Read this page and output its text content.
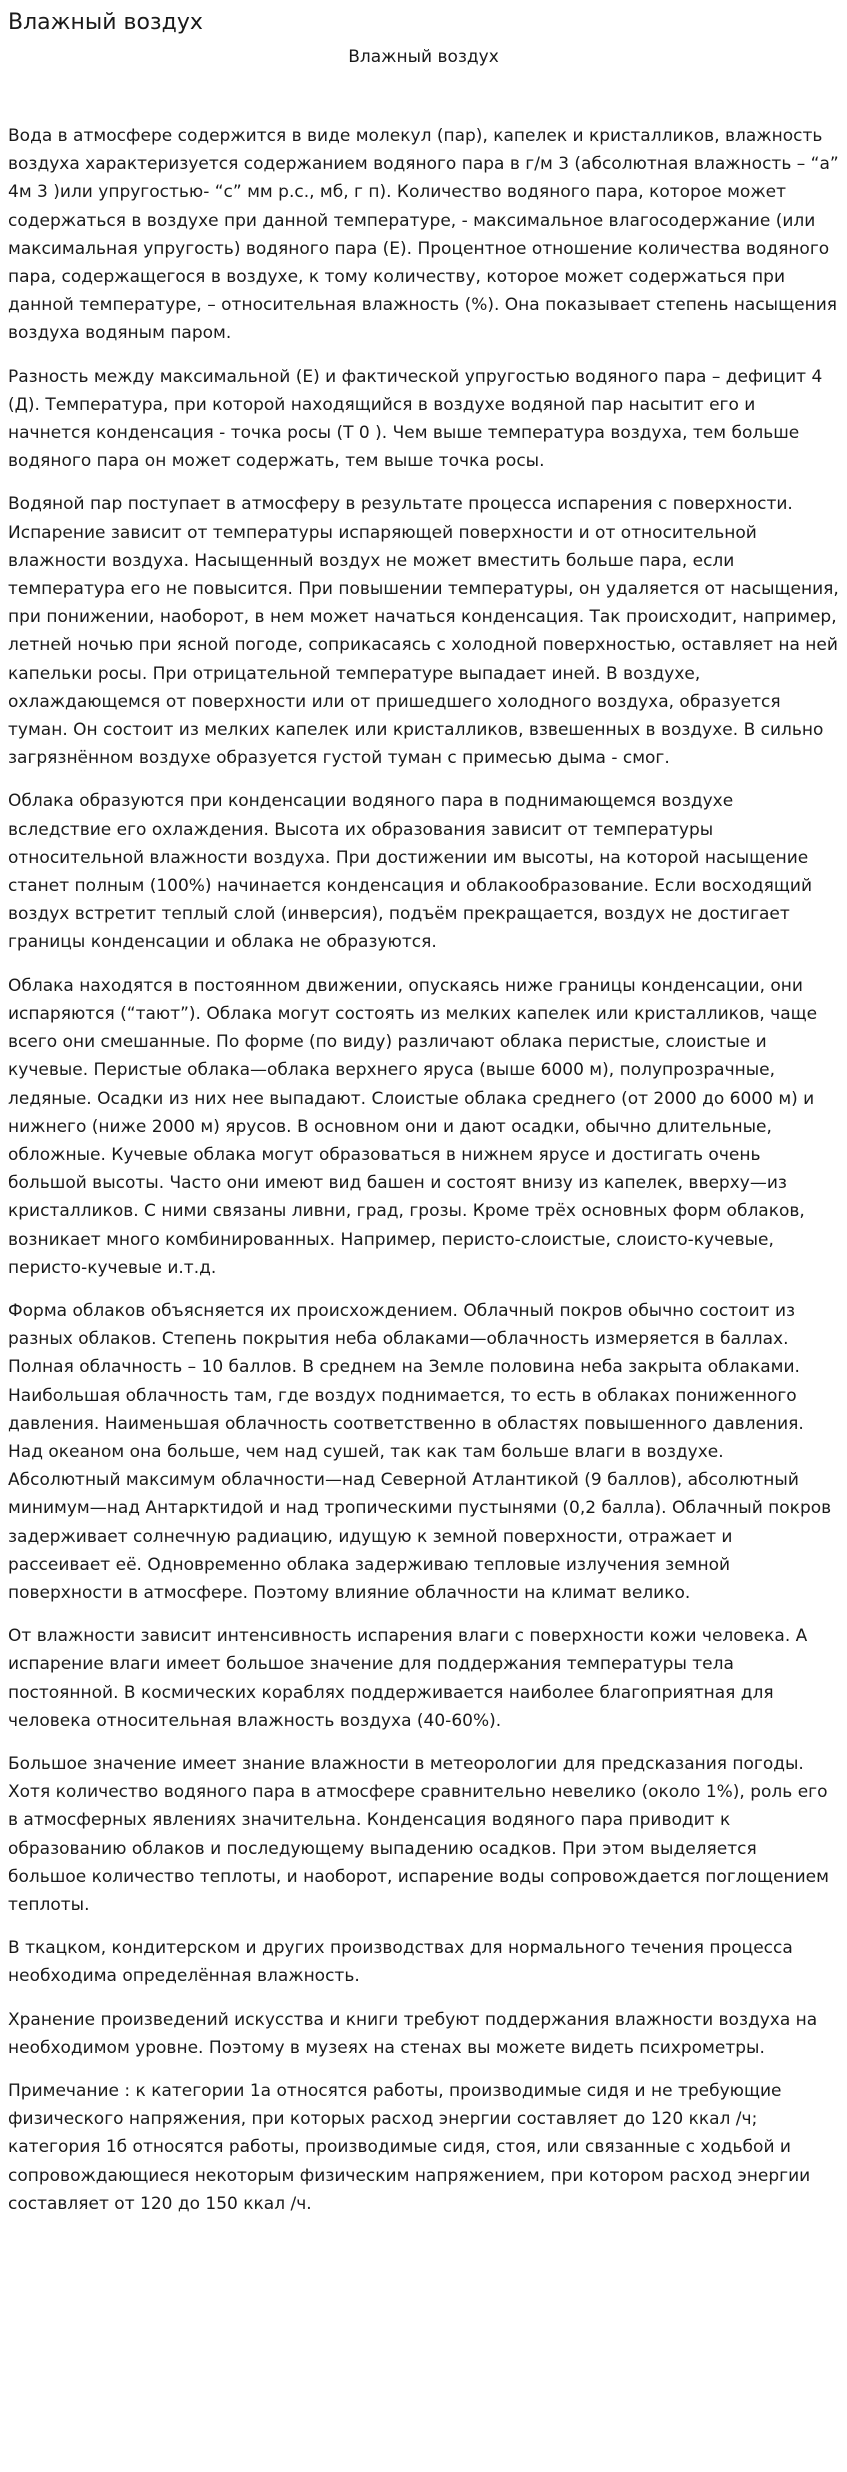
Влажный воздух
Влажный воздух

Вода в атмосфере содержится в виде молекул (пар), капелек и кристалликов, влажность воздуха характеризуется содержанием водяного пара в г/м 3 (абсолютная влажность – “а” 4м 3 )или упругостью- “с” мм р.с., мб, г п). Количество водяного пара, которое может содержаться в воздухе при данной температуре, - максимальное влагосодержание (или максимальная упругость) водяного пара (Е). Процентное отношение количества водяного пара, содержащегося в воздухе, к тому количеству, которое может содержаться при данной температуре, – относительная влажность (%). Она показывает степень насыщения воздуха водяным паром.

Разность между максимальной (Е) и фактической упругостью водяного пара – дефицит 4 (Д). Температура, при которой находящийся в воздухе водяной пар насытит его и начнется конденсация - точка росы (Т 0 ). Чем выше температура воздуха, тем больше водяного пара он может содержать, тем выше точка росы.

Водяной пар поступает в атмосферу в результате процесса испарения с поверхности. Испарение зависит от температуры испаряющей поверхности и от относительной влажности воздуха. Насыщенный воздух не может вместить больше пара, если температура его не повысится. При повышении температуры, он удаляется от насыщения, при понижении, наоборот, в нем может начаться конденсация. Так происходит, например, летней ночью при ясной погоде, соприкасаясь с холодной поверхностью, оставляет на ней капельки росы. При отрицательной температуре выпадает иней. В воздухе, охлаждающемся от поверхности или от пришедшего холодного воздуха, образуется туман. Он состоит из мелких капелек или кристалликов, взвешенных в воздухе. В сильно загрязнённом воздухе образуется густой туман с примесью дыма - смог.

Облака образуются при конденсации водяного пара в поднимающемся воздухе вследствие его охлаждения. Высота их образования зависит от температуры относительной влажности воздуха. При достижении им высоты, на которой насыщение станет полным (100%) начинается конденсация и облакообразование. Если восходящий воздух встретит теплый слой (инверсия), подъём прекращается, воздух не достигает границы конденсации и облака не образуются.

Облака находятся в постоянном движении, опускаясь ниже границы конденсации, они испаряются (“тают”). Облака могут состоять из мелких капелек или кристалликов, чаще всего они смешанные. По форме (по виду) различают облака перистые, слоистые и кучевые. Перистые облака—облака верхнего яруса (выше 6000 м), полупрозрачные, ледяные. Осадки из них нее выпадают. Слоистые облака среднего (от 2000 до 6000 м) и нижнего (ниже 2000 м) ярусов. В основном они и дают осадки, обычно длительные, обложные. Кучевые облака могут образоваться в нижнем ярусе и достигать очень большой высоты. Часто они имеют вид башен и состоят внизу из капелек, вверху—из кристалликов. С ними связаны ливни, град, грозы. Кроме трёх основных форм облаков, возникает много комбинированных. Например, перисто-слоистые, слоисто-кучевые, перисто-кучевые и.т.д.

Форма облаков объясняется их происхождением. Облачный покров обычно состоит из разных облаков. Степень покрытия неба облаками—облачность измеряется в баллах. Полная облачность – 10 баллов. В среднем на Земле половина неба закрыта облаками. Наибольшая облачность там, где воздух поднимается, то есть в облаках пониженного давления. Наименьшая облачность соответственно в областях повышенного давления. Над океаном она больше, чем над сушей, так как там больше влаги в воздухе. Абсолютный максимум облачности—над Северной Атлантикой (9 баллов), абсолютный минимум—над Антарктидой и над тропическими пустынями (0,2 балла). Облачный покров задерживает солнечную радиацию, идущую к земной поверхности, отражает и рассеивает её. Одновременно облака задерживаю тепловые излучения земной поверхности в атмосфере. Поэтому влияние облачности на климат велико.

От влажности зависит интенсивность испарения влаги с поверхности кожи человека. А испарение влаги имеет большое значение для поддержания температуры тела постоянной. В космических кораблях поддерживается наиболее благоприятная для человека относительная влажность воздуха (40-60%).

Большое значение имеет знание влажности в метеорологии для предсказания погоды. Хотя количество водяного пара в атмосфере сравнительно невелико (около 1%), роль его в атмосферных явлениях значительна. Конденсация водяного пара приводит к образованию облаков и последующему выпадению осадков. При этом выделяется большое количество теплоты, и наоборот, испарение воды сопровождается поглощением теплоты.

В ткацком, кондитерском и других производствах для нормального течения процесса необходима определённая влажность.

Хранение произведений искусства и книги требуют поддержания влажности воздуха на необходимом уровне. Поэтому в музеях на стенах вы можете видеть психрометры.

Примечание : к категории 1а относятся работы, производимые сидя и не требующие физического напряжения, при которых расход энергии составляет до 120 ккал /ч; категория 1б относятся работы, производимые сидя, стоя, или связанные с ходьбой и сопровождающиеся некоторым физическим напряжением, при котором расход энергии составляет от 120 до 150 ккал /ч.
